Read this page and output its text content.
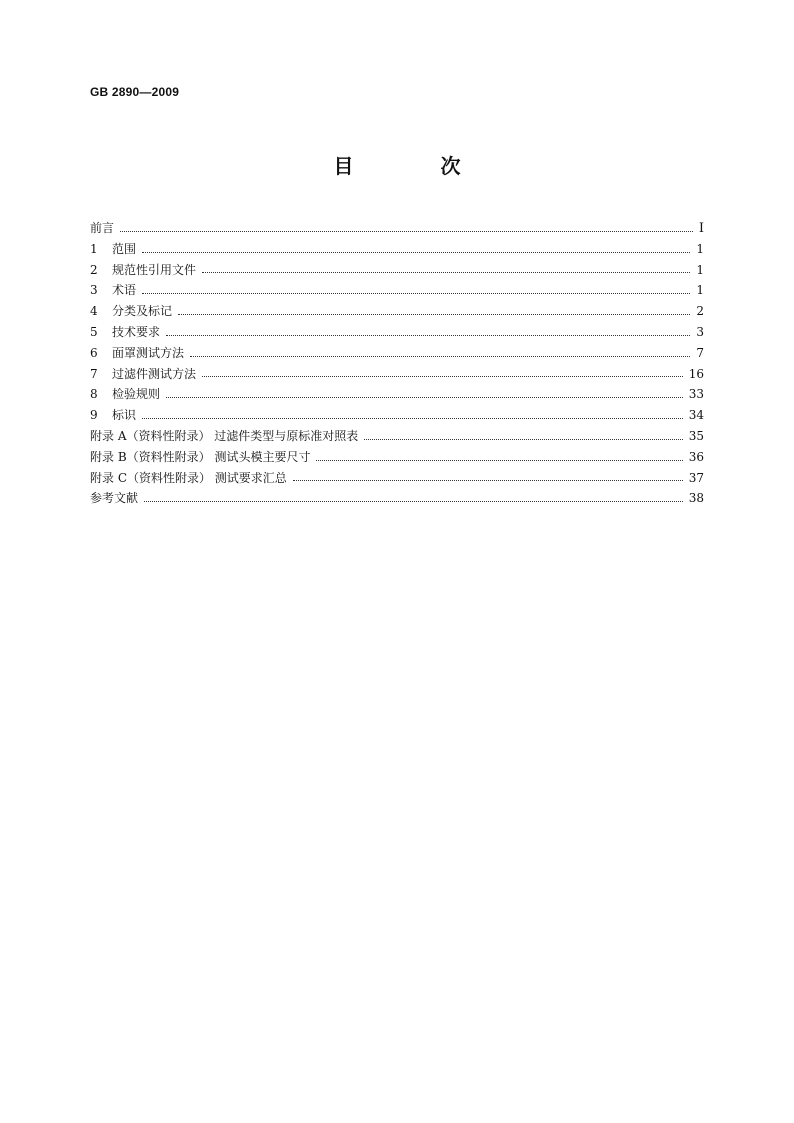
GB 2890—2009
目 次
前言	Ⅰ
1 范围	1
2 规范性引用文件	1
3 术语	1
4 分类及标记	2
5 技术要求	3
6 面罩测试方法	7
7 过滤件测试方法	16
8 检验规则	33
9 标识	34
附录 A（资料性附录） 过滤件类型与原标准对照表	35
附录 B（资料性附录） 测试头模主要尺寸	36
附录 C（资料性附录） 测试要求汇总	37
参考文献	38
